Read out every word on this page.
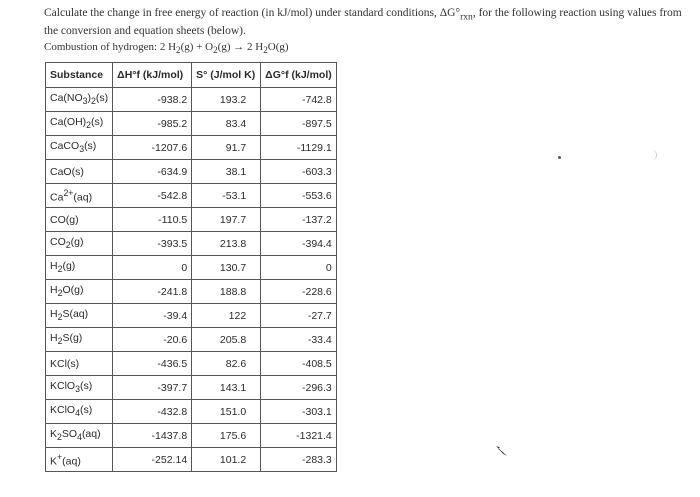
Calculate the change in free energy of reaction (in kJ/mol) under standard conditions, $\Delta G^\circ_{rxn}$, for the following reaction using values from the conversion and equation sheets (below).
Combustion of hydrogen: 2 $H_2(g) + O_2(g) \to 2$ $H_2O(g)$
Substance	ΔH°f (kJ/mol)	S° (J/mol K)	ΔG°f (kJ/mol)
$Ca(NO_3)_2(s)$	-938.2	193.2	-742.8
$Ca(OH)_2(s)$	-985.2	83.4	-897.5
CaCO$_3$(s)	-1207.6	91.7	-1129.1
CaO(s)	-634.9	38.1	-603.3
$Ca^{2+}(aq)$	-542.8	-53.1	-553.6
CO(g)	-110.5	197.7	-137.2
$CO_2(g)$	-393.5	213.8	-394.4
$H_2(g)$	0	130.7	0
$H_2O(g)$	-241.8	188.8	-228.6
$H_2S(aq)$	-39.4	122	-27.7
$H_2S(g)$	-20.6	205.8	-33.4
KCl(s)	-436.5	82.6	-408.5
KClO$_3$(s)	-397.7	143.1	-296.3
KClO$_4$(s)	-432.8	151.0	-303.1
$K_2SO_4(aq)$	-1437.8	175.6	-1321.4
K+(aq)	-252.14	101.2	-283.3
